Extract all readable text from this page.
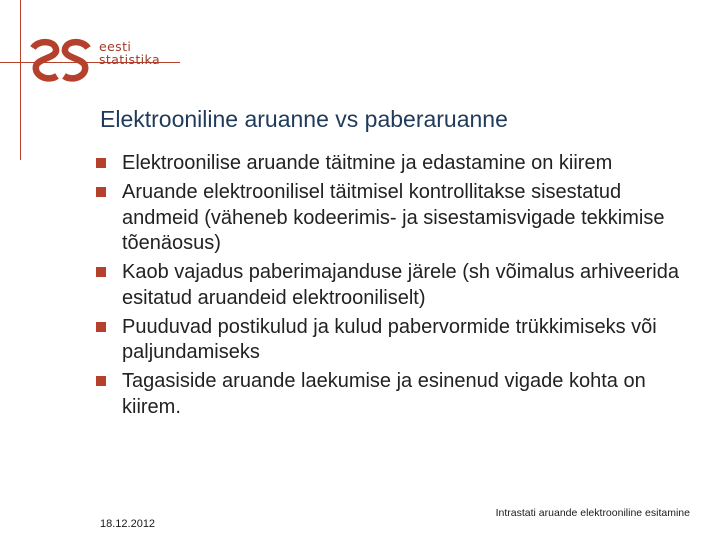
eesti
statistika
Elektrooniline aruanne vs paberaruanne
Elektroonilise aruande täitmine ja edastamine on kiirem
Aruande elektroonilisel täitmisel kontrollitakse sisestatud andmeid (väheneb kodeerimis- ja sisestamisvigade tekkimise tõenäosus)
Kaob vajadus paberimajanduse järele (sh võimalus arhiveerida esitatud aruandeid elektrooniliselt)
Puuduvad postikulud ja kulud pabervormide trükkimiseks või paljundamiseks
Tagasiside aruande laekumise ja esinenud vigade kohta on kiirem.
Intrastati aruande elektrooniline esitamine
18.12.2012
